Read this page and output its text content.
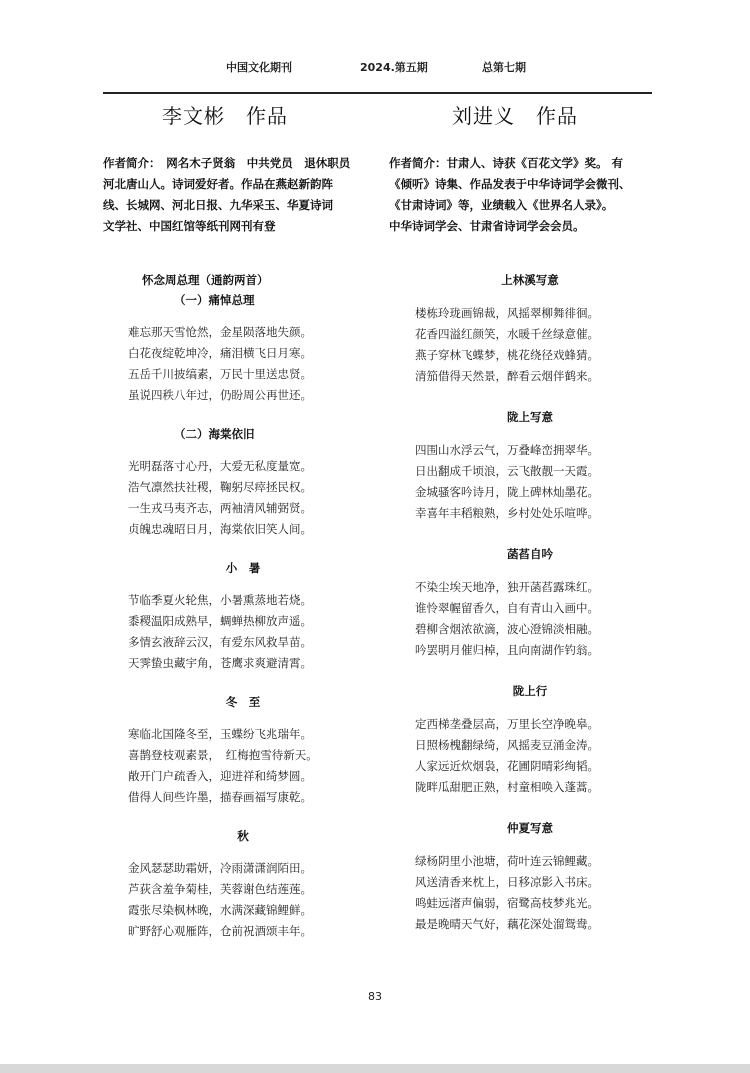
中国文化期刊	2024.第五期	总第七期
李文彬　作品	刘进义　作品
作者简介：　网名木子贤翁　中共党员　退休职员
河北唐山人。诗词爱好者。作品在燕赵新韵阵
线、长城网、河北日报、九华采玉、华夏诗词
文学社、中国红馆等纸刊网刊有登
作者简介：甘肃人、诗获《百花文学》奖。 有
《倾听》诗集、作品发表于中华诗词学会微刊、
《甘肃诗词》等，业绩载入《世界名人录》。
中华诗词学会、甘肃省诗词学会会员。
怀念周总理（通韵两首）
（一）痛悼总理
难忘那天雪怆然，金星陨落地失颜。
白花夜绽乾坤冷，痛泪横飞日月寒。
五岳千川披缟素，万民十里送忠贤。
虽说四秩八年过，仍盼周公再世还。
（二）海棠依旧
光明磊落寸心丹，大爱无私度量宽。
浩气凛然扶社稷，鞠躬尽瘁拯民权。
一生戎马夷齐志，两袖清风辅弼贤。
贞魄忠魂昭日月，海棠依旧笑人间。
小　暑
节临季夏火轮焦，小暑熏蒸地若烧。
黍稷温阳成熟早，蜩蝉热柳放声遥。
多情玄液辞云汉，有爱东风救旱苗。
天霁蛰虫藏宇角，苍鹰求爽避清霄。
冬　至
寒临北国隆冬至，玉蝶纷飞兆瑞年。
喜鹊登枝观素景，　红梅抱雪待新天。
敞开门户疏香入，迎进祥和绮梦圆。
借得人间些许墨，描春画福写康乾。
秋
金风瑟瑟助霜妍，冷雨潇潇润陌田。
芦荻含羞争菊桂，芙蓉谢色结莲莲。
霞张尽染枫林晚，水满深藏锦鲤鲜。
旷野舒心观雁阵，仓前祝酒颂丰年。
上林溪写意
楼栋玲珑画锦裁，风摇翠柳舞徘徊。
花香四溢红颜笑，水暖千丝绿意催。
燕子穿林飞蝶梦，桃花绕径戏蜂猜。
清笳借得天然景，醉看云烟伴鹤来。
陇上写意
四围山水浮云气，万叠峰峦拥翠华。
日出翻成千顷浪，云飞散靓一天霞。
金城骚客吟诗月，陇上碑林灿墨花。
幸喜年丰稻粮熟，乡村处处乐喧哗。
菡萏自吟
不染尘埃天地净，独开菡萏露珠红。
谁怜翠幄留香久，自有青山入画中。
碧柳含烟浓欲滴，波心澄锦淡相融。
吟罢明月催归棹，且向南湖作钓翁。
陇上行
定西梯垄叠层高，万里长空净晚皋。
日照杨槐翻绿绮，风摇麦豆涌金涛。
人家远近炊烟袅，花圃阴晴彩绚韬。
陇畔瓜甜肥正熟，村童相唤入蓬蒿。
仲夏写意
绿杨阴里小池塘，荷叶连云锦鲤藏。
风送清香来枕上，日移凉影入书床。
鸣蛙远渚声偏弱，宿鹭高枝梦兆光。
最是晚晴天气好，藕花深处溜鸳鸯。
83
